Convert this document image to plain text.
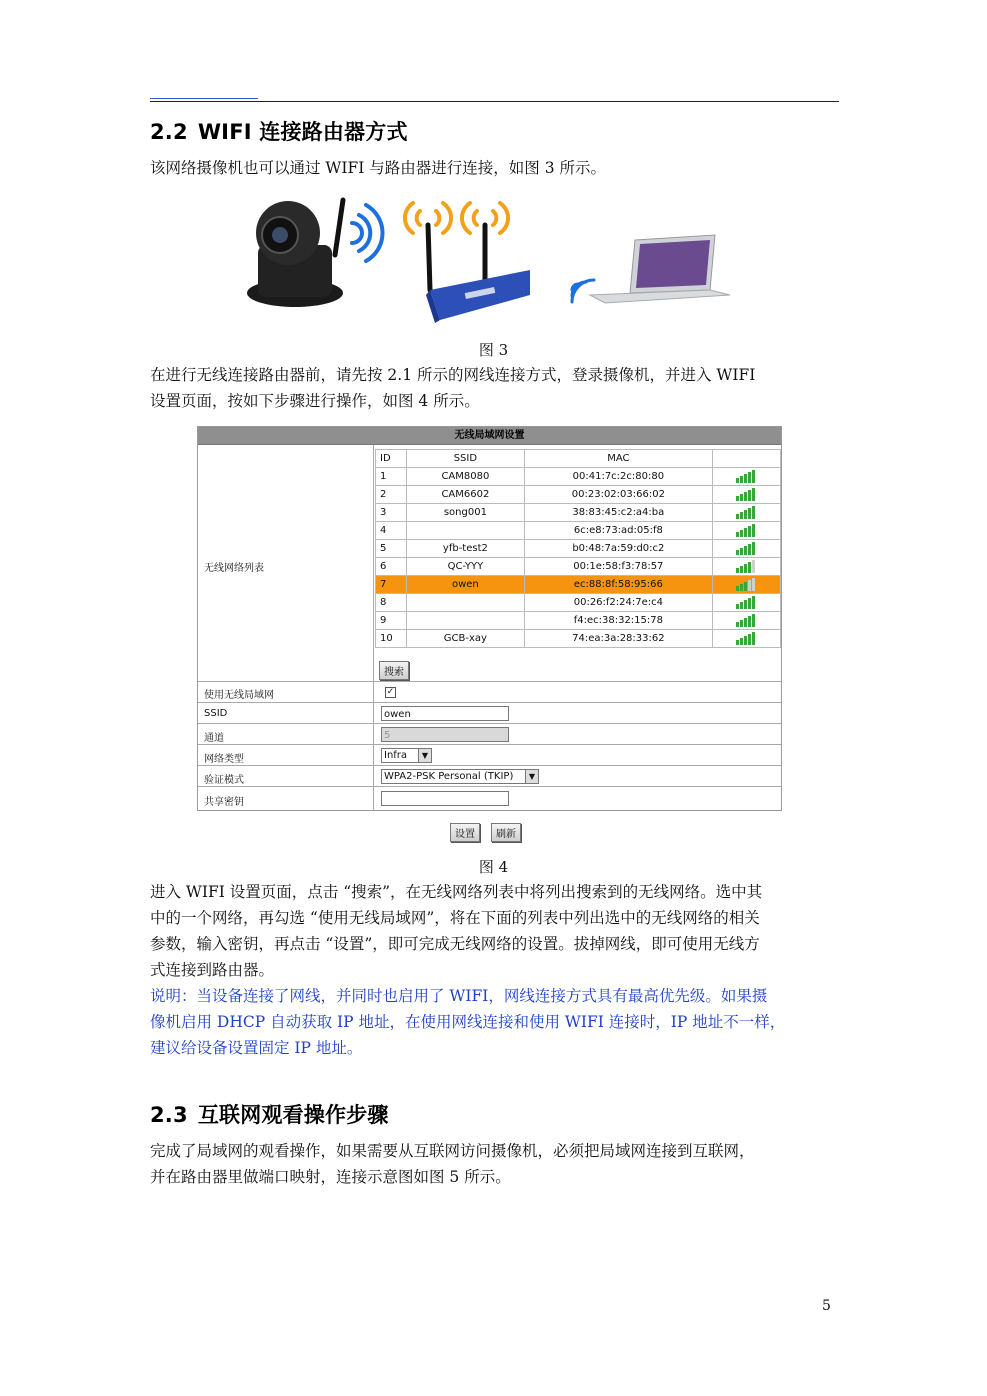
2.2 WIFI 连接路由器方式

该网络摄像机也可以通过 WIFI 与路由器进行连接，如图 3 所示。

图 3

在进行无线连接路由器前，请先按 2.1 所示的网线连接方式，登录摄像机，并进入 WIFI

设置页面，按如下步骤进行操作，如图 4 所示。

无线局域网设置
无线网络列表
ID	SSID	MAC	
1	CAM8080	00:41:7c:2c:80:80	
2	CAM6602	00:23:02:03:66:02	
3	song001	38:83:45:c2:a4:ba	
4		6c:e8:73:ad:05:f8	
5	yfb-test2	b0:48:7a:59:d0:c2	
6	QC-YYY	00:1e:58:f3:78:57	
7	owen	ec:88:8f:58:95:66	
8		00:26:f2:24:7e:c4	
9		f4:ec:38:32:15:78	
10	GCB-xay	74:ea:3a:28:33:62	
搜索
使用无线局域网	✓
SSID	owen
通道	5
网络类型	Infra	▼
验证模式	WPA2-PSK Personal (TKIP)	▼
共享密钥
设置 刷新

图 4

进入 WIFI 设置页面，点击 “搜索”，在无线网络列表中将列出搜索到的无线网络。选中其

中的一个网络，再勾选 “使用无线局域网”，将在下面的列表中列出选中的无线网络的相关

参数，输入密钥，再点击 “设置”，即可完成无线网络的设置。拔掉网线，即可使用无线方

式连接到路由器。

说明：当设备连接了网线，并同时也启用了 WIFI，网线连接方式具有最高优先级。如果摄

像机启用 DHCP 自动获取 IP 地址，在使用网线连接和使用 WIFI 连接时，IP 地址不一样，

建议给设备设置固定 IP 地址。

2.3 互联网观看操作步骤

完成了局域网的观看操作，如果需要从互联网访问摄像机，必须把局域网连接到互联网，

并在路由器里做端口映射，连接示意图如图 5 所示。

5
